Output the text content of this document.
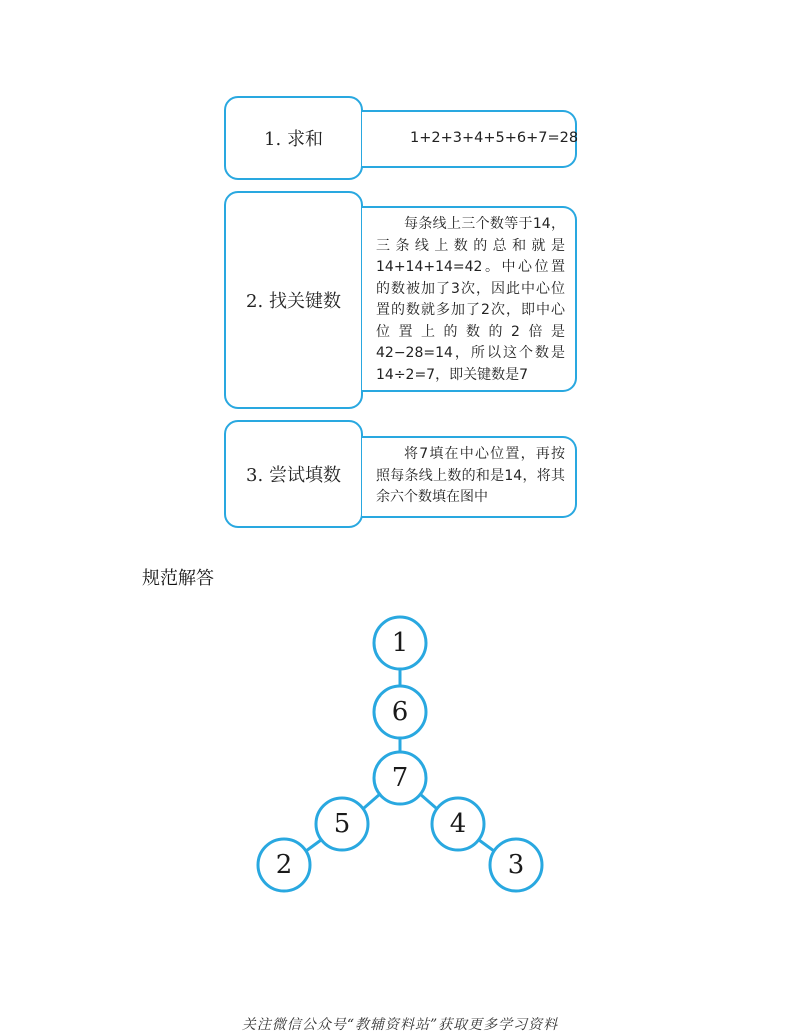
1. 求和	1+2+3+4+5+6+7=28
2. 找关键数

每条线上三个数等于14，三条线上数的总和就是14+14+14=42。中心位置的数被加了3次，因此中心位置的数就多加了2次，即中心位置上的数的2倍是42−28=14，所以这个数是14÷2=7，即关键数是7

3. 尝试填数

将7填在中心位置，再按照每条线上数的和是14，将其余六个数填在图中

规范解答
1
6
7
5	4
2	3
关注微信公众号“教辅资料站”获取更多学习资料
